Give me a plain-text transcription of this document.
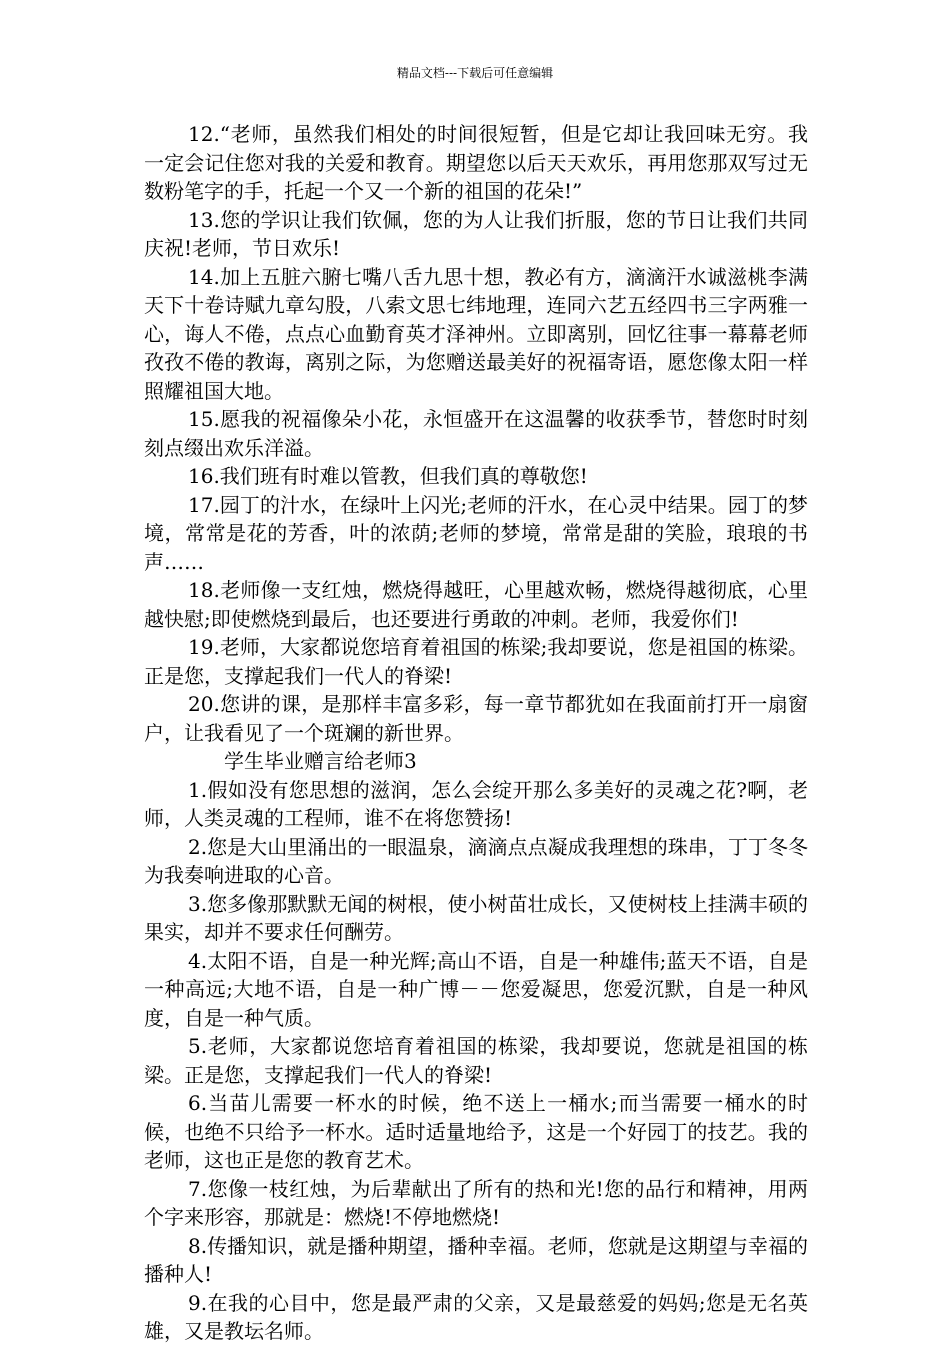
精品文档---下载后可任意编辑

12.“老师，虽然我们相处的时间很短暂，但是它却让我回味无穷。我一定会记住您对我的关爱和教育。期望您以后天天欢乐，再用您那双写过无数粉笔字的手，托起一个又一个新的祖国的花朵!”

13.您的学识让我们钦佩，您的为人让我们折服，您的节日让我们共同庆祝!老师，节日欢乐!

14.加上五脏六腑七嘴八舌九思十想，教必有方，滴滴汗水诚滋桃李满天下十卷诗赋九章勾股，八索文思七纬地理，连同六艺五经四书三字两雅一心，诲人不倦，点点心血勤育英才泽神州。立即离别，回忆往事一幕幕老师孜孜不倦的教诲，离别之际，为您赠送最美好的祝福寄语，愿您像太阳一样照耀祖国大地。

15.愿我的祝福像朵小花，永恒盛开在这温馨的收获季节，替您时时刻刻点缀出欢乐洋溢。

16.我们班有时难以管教，但我们真的尊敬您!

17.园丁的汁水，在绿叶上闪光;老师的汗水，在心灵中结果。园丁的梦境，常常是花的芳香，叶的浓荫;老师的梦境，常常是甜的笑脸，琅琅的书声……

18.老师像一支红烛，燃烧得越旺，心里越欢畅，燃烧得越彻底，心里越快慰;即使燃烧到最后，也还要进行勇敢的冲刺。老师，我爱你们!

19.老师，大家都说您培育着祖国的栋梁;我却要说，您是祖国的栋梁。正是您，支撑起我们一代人的脊梁!

20.您讲的课，是那样丰富多彩，每一章节都犹如在我面前打开一扇窗户，让我看见了一个斑斓的新世界。

学生毕业赠言给老师3

1.假如没有您思想的滋润，怎么会绽开那么多美好的灵魂之花?啊，老师，人类灵魂的工程师，谁不在将您赞扬!

2.您是大山里涌出的一眼温泉，滴滴点点凝成我理想的珠串，丁丁冬冬为我奏响进取的心音。

3.您多像那默默无闻的树根，使小树苗壮成长，又使树枝上挂满丰硕的果实，却并不要求任何酬劳。

4.太阳不语，自是一种光辉;高山不语，自是一种雄伟;蓝天不语，自是一种高远;大地不语，自是一种广博－－您爱凝思，您爱沉默，自是一种风度，自是一种气质。

5.老师，大家都说您培育着祖国的栋梁，我却要说，您就是祖国的栋梁。正是您，支撑起我们一代人的脊梁!

6.当苗儿需要一杯水的时候，绝不送上一桶水;而当需要一桶水的时候，也绝不只给予一杯水。适时适量地给予，这是一个好园丁的技艺。我的老师，这也正是您的教育艺术。

7.您像一枝红烛，为后辈献出了所有的热和光!您的品行和精神，用两个字来形容，那就是：燃烧!不停地燃烧!

8.传播知识，就是播种期望，播种幸福。老师，您就是这期望与幸福的播种人!

9.在我的心目中，您是最严肃的父亲，又是最慈爱的妈妈;您是无名英雄，又是教坛名师。
